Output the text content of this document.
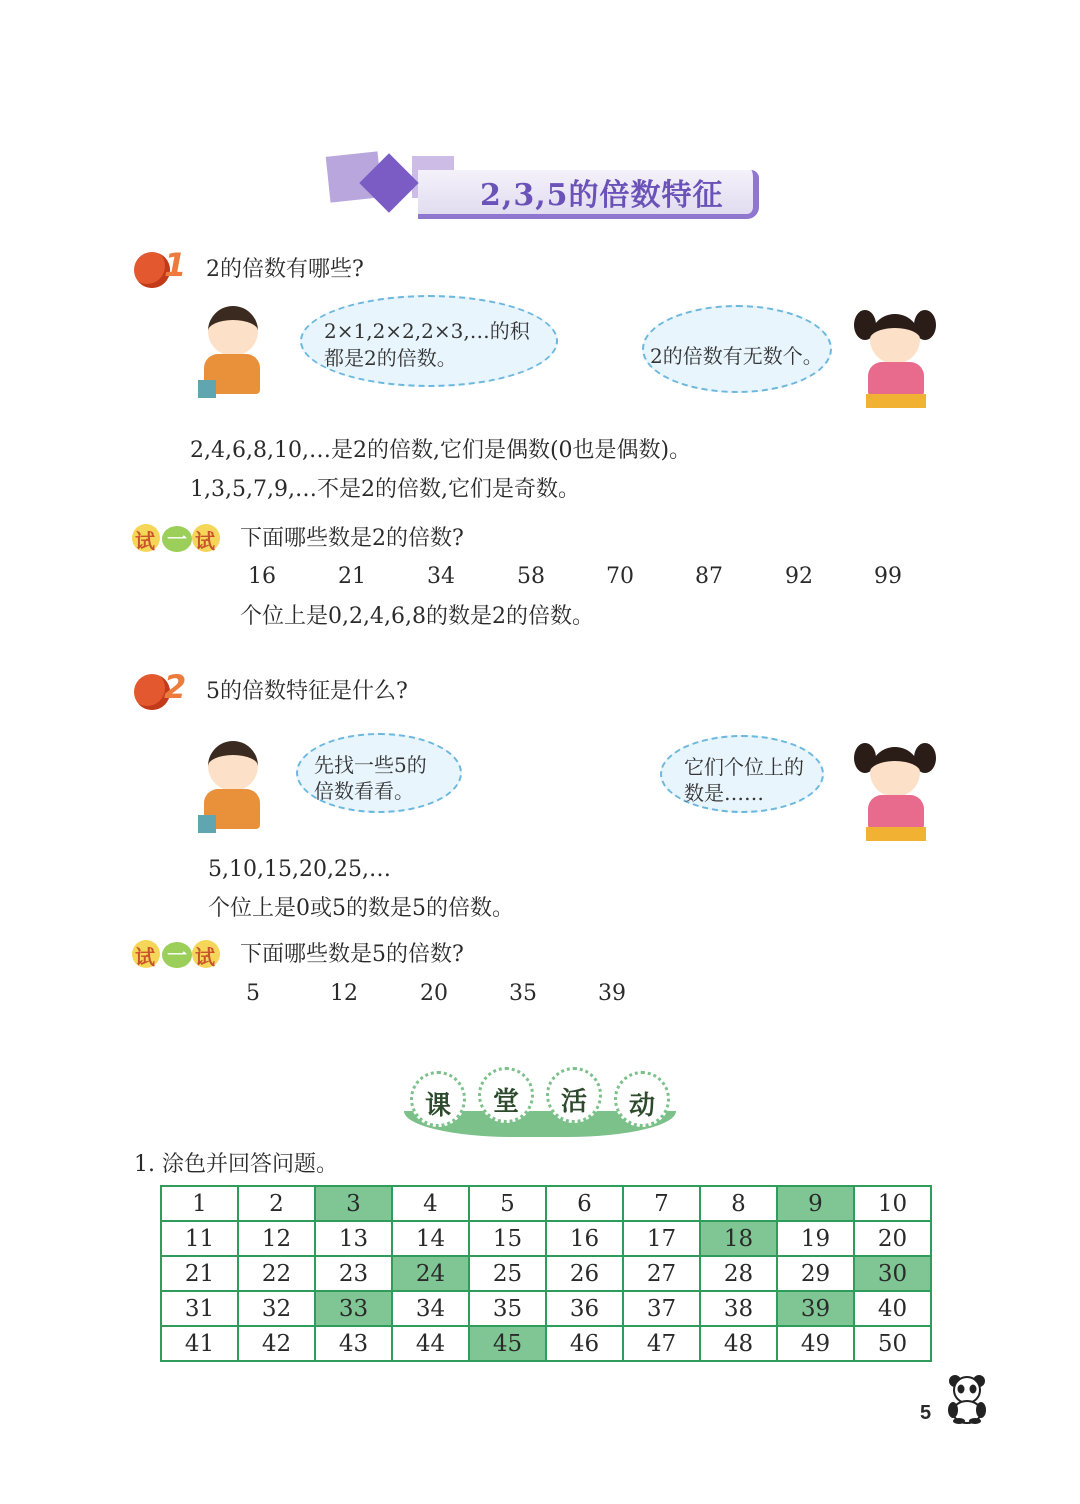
2,3,5的倍数特征
1 2的倍数有哪些?
2×1,2×2,2×3,…的积
都是2的倍数。	2的倍数有无数个。
2,4,6,8,10,…是2的倍数,它们是偶数(0也是偶数)。
1,3,5,7,9,…不是2的倍数,它们是奇数。
试 一 试 下面哪些数是2的倍数?
16	21	34	58	70	87	92	99
个位上是0,2,4,6,8的数是2的倍数。
2 5的倍数特征是什么?
先找一些5的
倍数看看。
它们个位上的
数是……
5,10,15,20,25,…
个位上是0或5的数是5的倍数。
试 一 试 下面哪些数是5的倍数?
5	12	20	35	39
课 堂 活 动
1. 涂色并回答问题。
1	2	3	4	5	6	7	8	9	10
11	12	13	14	15	16	17	18	19	20
21	22	23	24	25	26	27	28	29	30
31	32	33	34	35	36	37	38	39	40
41	42	43	44	45	46	47	48	49	50
5
